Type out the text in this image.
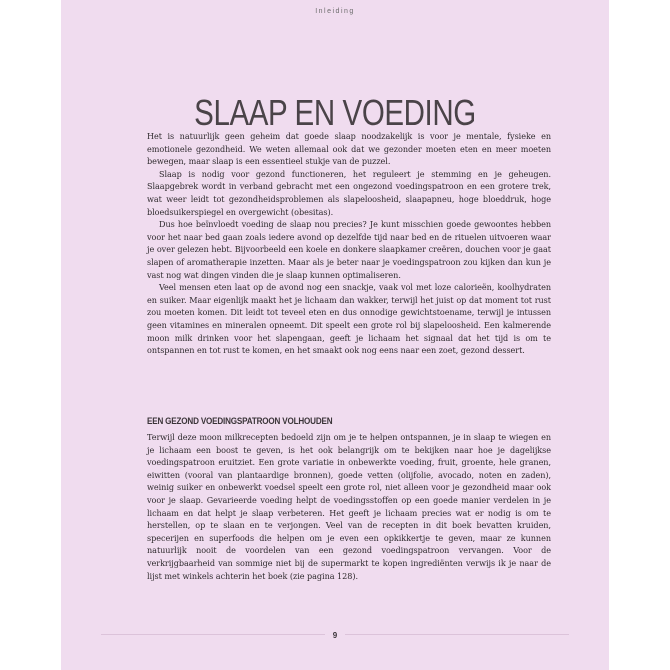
Inleiding
SLAAP EN VOEDING

Het is natuurlijk geen geheim dat goede slaap noodzakelijk is voor je mentale, fysieke en emotionele gezondheid. We weten allemaal ook dat we gezonder moeten eten en meer moeten bewegen, maar slaap is een essentieel stukje van de puzzel.

Slaap is nodig voor gezond functioneren, het reguleert je stemming en je geheugen. Slaapgebrek wordt in verband gebracht met een ongezond voedingspatroon en een grotere trek, wat weer leidt tot gezondheidsproblemen als slapeloosheid, slaapapneu, hoge bloeddruk, hoge bloedsuikerspiegel en overgewicht (obesitas).

Dus hoe beïnvloedt voeding de slaap nou precies? Je kunt misschien goede gewoontes hebben voor het naar bed gaan zoals iedere avond op dezelfde tijd naar bed en de rituelen uitvoeren waar je over gelezen hebt. Bijvoorbeeld een koele en donkere slaapkamer creëren, douchen voor je gaat slapen of aromatherapie inzetten. Maar als je beter naar je voedingspatroon zou kijken dan kun je vast nog wat dingen vinden die je slaap kunnen optimaliseren.

Veel mensen eten laat op de avond nog een snackje, vaak vol met loze calorieën, koolhydraten en suiker. Maar eigenlijk maakt het je lichaam dan wakker, terwijl het juist op dat moment tot rust zou moeten komen. Dit leidt tot teveel eten en dus onnodige gewichtstoename, terwijl je intussen geen vitamines en mineralen opneemt. Dit speelt een grote rol bij slapeloosheid. Een kalmerende moon milk drinken voor het slapengaan, geeft je lichaam het signaal dat het tijd is om te ontspannen en tot rust te komen, en het smaakt ook nog eens naar een zoet, gezond dessert.

EEN GEZOND VOEDINGSPATROON VOLHOUDEN

Terwijl deze moon milkrecepten bedoeld zijn om je te helpen ontspannen, je in slaap te wiegen en je lichaam een boost te geven, is het ook belangrijk om te bekijken naar hoe je dagelijkse voedingspatroon eruitziet. Een grote variatie in onbewerkte voeding, fruit, groente, hele granen, eiwitten (vooral van plantaardige bronnen), goede vetten (olijfolie, avocado, noten en zaden), weinig suiker en onbewerkt voedsel speelt een grote rol, niet alleen voor je gezondheid maar ook voor je slaap. Gevarieerde voeding helpt de voedingsstoffen op een goede manier verdelen in je lichaam en dat helpt je slaap verbeteren. Het geeft je lichaam precies wat er nodig is om te herstellen, op te slaan en te verjongen. Veel van de recepten in dit boek bevatten kruiden, specerijen en superfoods die helpen om je even een opkikkertje te geven, maar ze kunnen natuurlijk nooit de voordelen van een gezond voedingspatroon vervangen. Voor de verkrijgbaarheid van sommige niet bij de supermarkt te kopen ingrediënten verwijs ik je naar de lijst met winkels achterin het boek (zie pagina 128).

9
